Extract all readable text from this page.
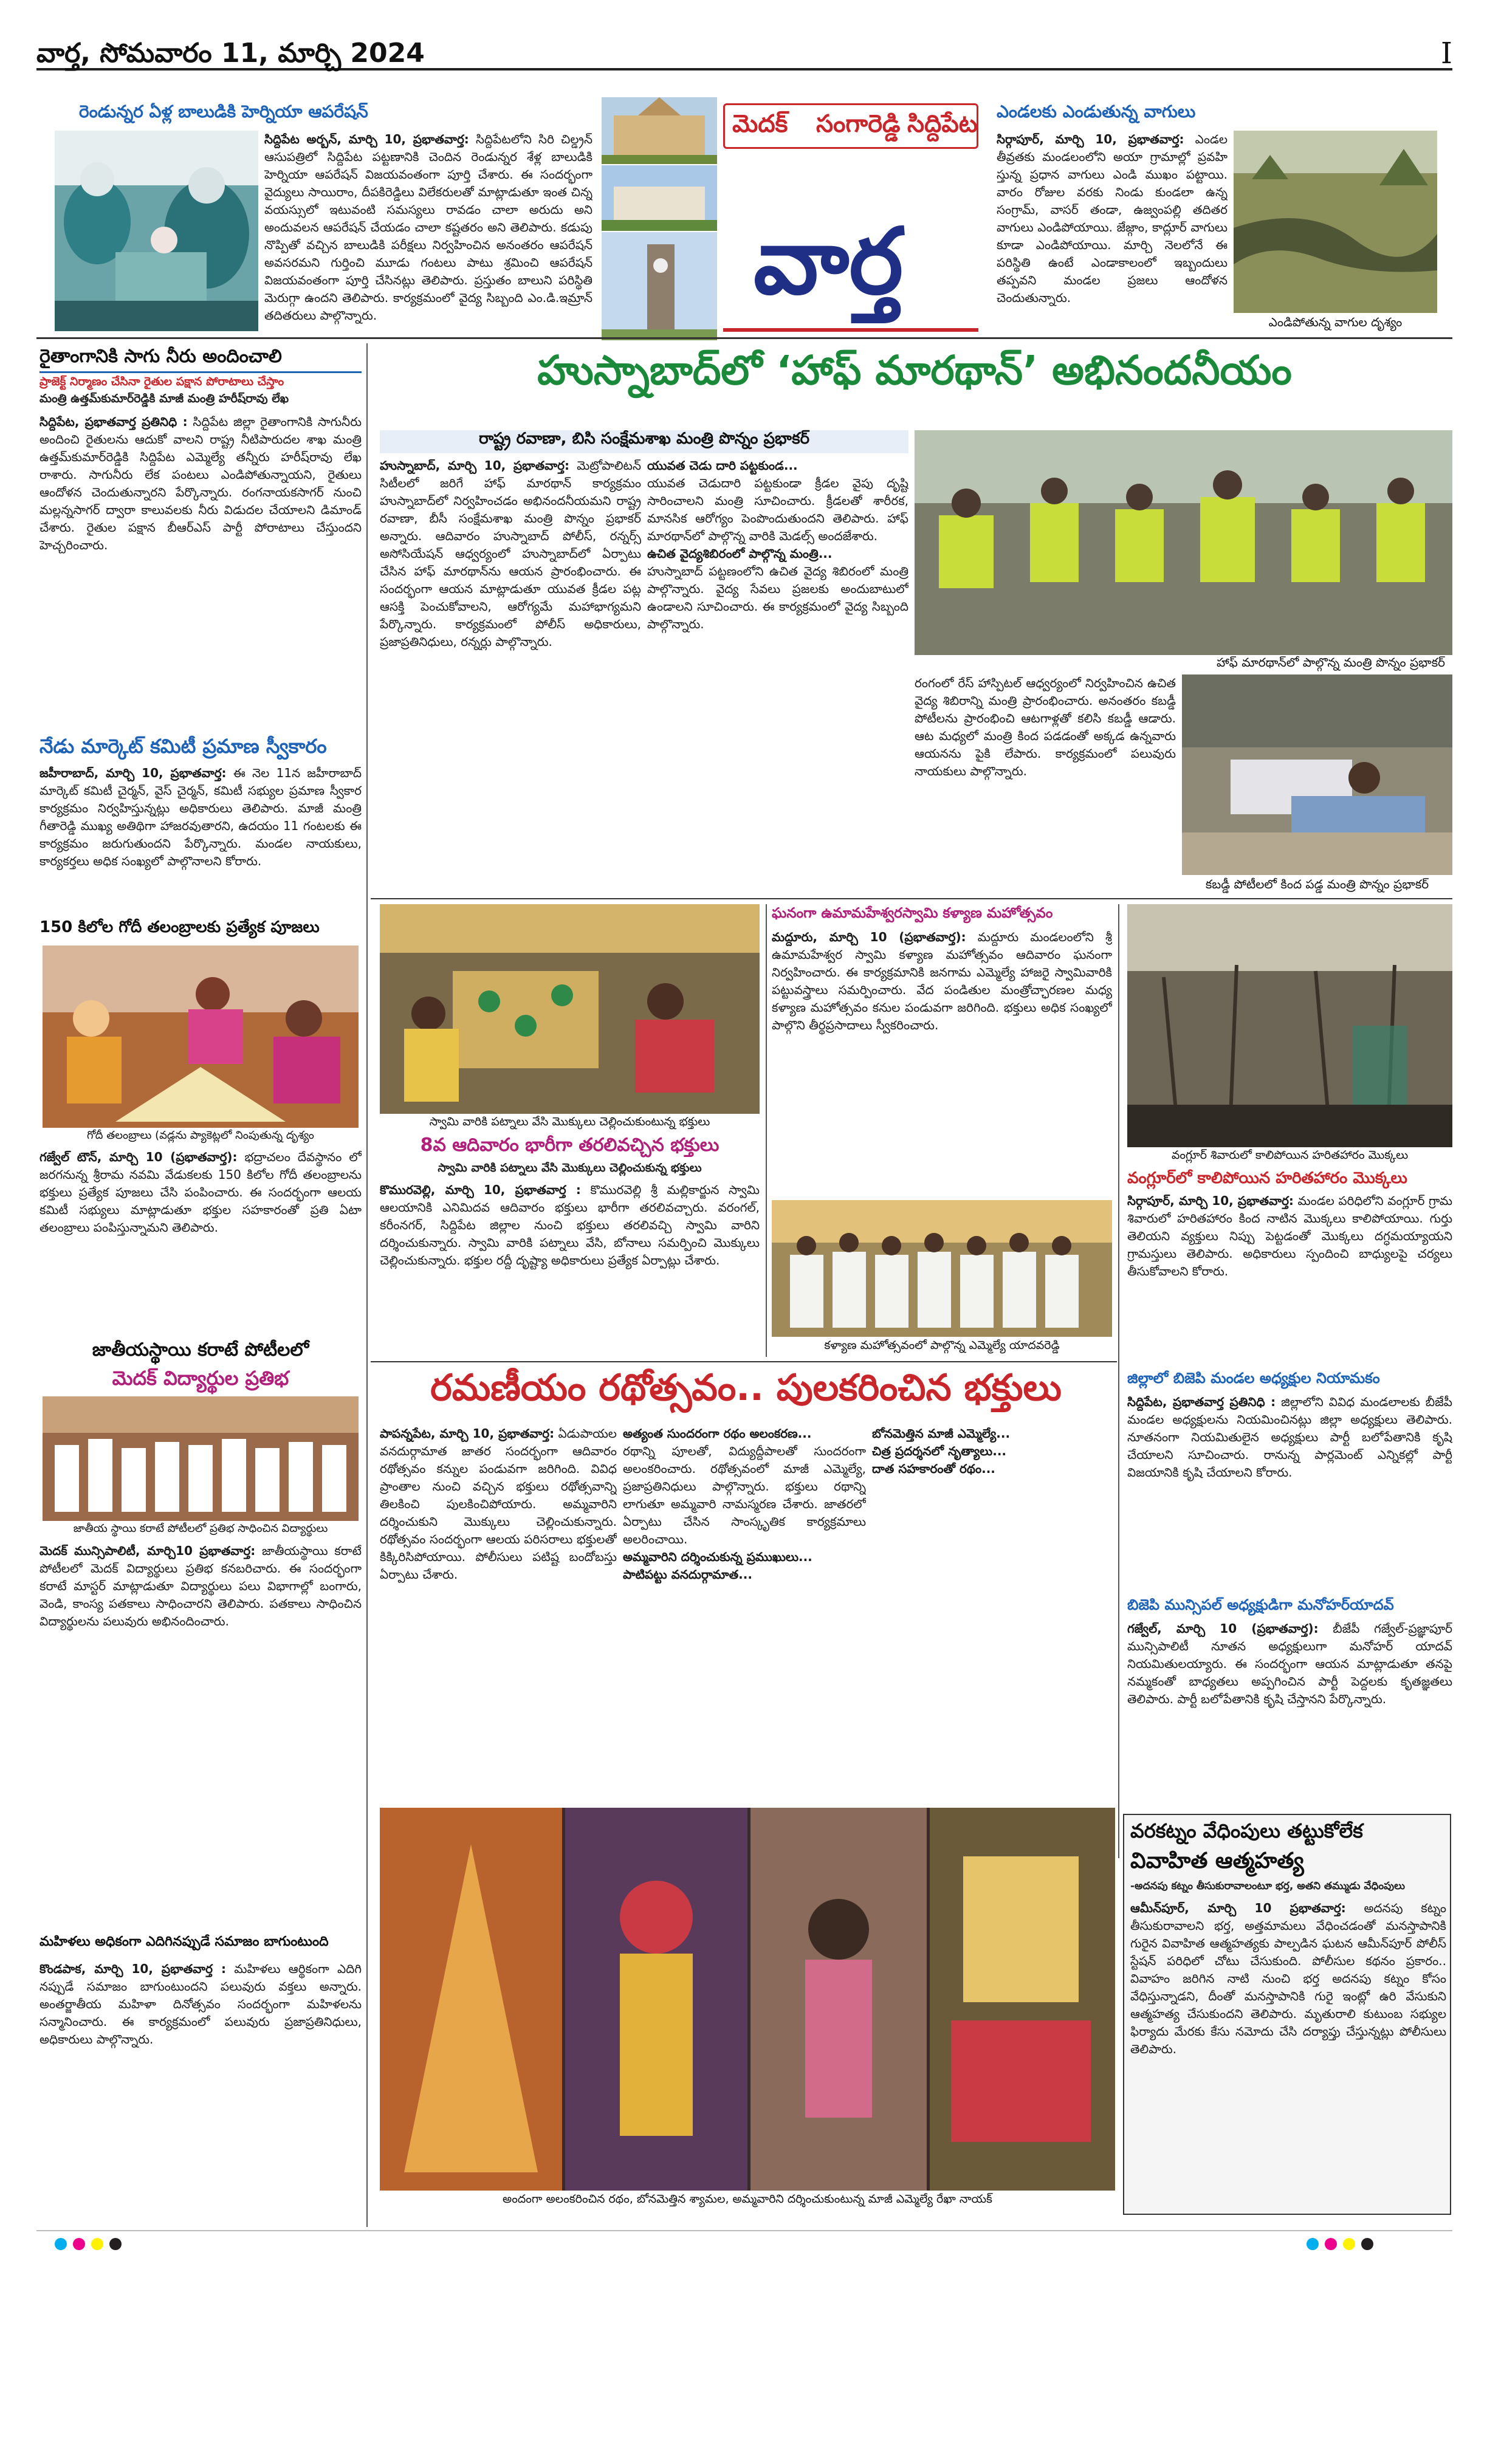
వార్త, సోమవారం 11, మార్చి 2024	I
రెండున్నర ఏళ్ల బాలుడికి హెర్నియా ఆపరేషన్
సిద్దిపేట అర్బన్, మార్చి 10, ప్రభాతవార్త: సిద్దిపేటలోని సిరి చిల్డ్రన్ ఆసుపత్రిలో సిద్దిపేట పట్టణానికి చెందిన రెండున్నర శేళ్ల బాలుడికి హెర్నియా ఆపరేషన్ విజయవంతంగా పూర్తి చేశారు. ఈ సందర్భంగా వైద్యులు సాయిరాం, దీపకిరెడ్డిలు విలేకరులతో మాట్లాడుతూ ఇంత చిన్న వయస్సులో ఇటువంటి సమస్యలు రావడం చాలా అరుదు అని అందువలన ఆపరేషన్ చేయడం చాలా కష్టతరం అని తెలిపారు. కడుపు నొప్పితో వచ్చిన బాలుడికి పరీక్షలు నిర్వహించిన అనంతరం ఆపరేషన్ అవసరమని గుర్తించి మూడు గంటలు పాటు శ్రమించి ఆపరేషన్ విజయవంతంగా పూర్తి చేసినట్లు తెలిపారు. ప్రస్తుతం బాలుని పరిస్థితి మెరుగ్గా ఉందని తెలిపారు. కార్యక్రమంలో వైద్య సిబ్బంది ఎం.డి.ఇమ్రాన్ తదితరులు పాల్గొన్నారు.
మెదక్ సంగారెడ్డి సిద్దిపేట
వార్త
ఎండలకు ఎండుతున్న వాగులు
సిర్గాపూర్, మార్చి 10, ప్రభాతవార్త: ఎండల తీవ్రతకు మండలంలోని అయా గ్రామాల్లో ప్రవహి స్తున్న ప్రధాన వాగులు ఎండి ముఖం పట్టాయి. వారం రోజుల వరకు నిండు కుండలా ఉన్న సంగ్రామ్, వాసర్ తండా, ఉజ్వంపల్లి తదితర వాగులు ఎండిపోయాయి. జేజ్గాం, కాద్లూర్ వాగులు కూడా ఎండిపోయాయి. మార్చి నెలలోనే ఈ పరిస్థితి ఉంటే ఎండాకాలంలో ఇబ్బందులు తప్పవని మండల ప్రజలు ఆందోళన చెందుతున్నారు.
ఎండిపోతున్న వాగుల దృశ్యం
రైతాంగానికి సాగు నీరు అందించాలి
ప్రాజెక్ట్ నిర్మాణం చేసినా రైతుల పక్షాన పోరాటాలు చేస్తాం
మంత్రి ఉత్తమ్‌కుమార్‌రెడ్డికి మాజీ మంత్రి హరీష్‌రావు లేఖ
సిద్దిపేట, ప్రభాతవార్త ప్రతినిధి : సిద్దిపేట జిల్లా రైతాంగానికి సాగునీరు అందించి రైతులను ఆదుకో వాలని రాష్ట్ర నీటిపారుదల శాఖ మంత్రి ఉత్తమ్‌కుమార్‌రెడ్డికి సిద్దిపేట ఎమ్మెల్యే తన్నీరు హరీష్‌రావు లేఖ రాశారు. సాగునీరు లేక పంటలు ఎండిపోతున్నాయని, రైతులు ఆందోళన చెందుతున్నారని పేర్కొన్నారు. రంగనాయకసాగర్ నుంచి మల్లన్నసాగర్ ద్వారా కాలువలకు నీరు విడుదల చేయాలని డిమాండ్ చేశారు. రైతుల పక్షాన బీఆర్ఎస్ పార్టీ పోరాటాలు చేస్తుందని హెచ్చరించారు.
నేడు మార్కెట్ కమిటీ ప్రమాణ స్వీకారం
జహీరాబాద్, మార్చి 10, ప్రభాతవార్త: ఈ నెల 11న జహీరాబాద్ మార్కెట్ కమిటీ చైర్మన్, వైస్ చైర్మన్, కమిటీ సభ్యుల ప్రమాణ స్వీకార కార్యక్రమం నిర్వహిస్తున్నట్లు అధికారులు తెలిపారు. మాజీ మంత్రి గీతారెడ్డి ముఖ్య అతిథిగా హాజరవుతారని, ఉదయం 11 గంటలకు ఈ కార్యక్రమం జరుగుతుందని పేర్కొన్నారు. మండల నాయకులు, కార్యకర్తలు అధిక సంఖ్యలో పాల్గొనాలని కోరారు.
150 కిలోల గోదీ తలంబ్రాలకు ప్రత్యేక పూజలు
గోదీ తలంబ్రాలు (వడ్లను ప్యాకెట్లలో నింపుతున్న దృశ్యం
గజ్వేల్ టౌన్, మార్చి 10 (ప్రభాతవార్త): భద్రాచలం దేవస్థానం లో జరగనున్న శ్రీరామ నవమి వేడుకలకు 150 కిలోల గోదీ తలంబ్రాలను భక్తులు ప్రత్యేక పూజలు చేసి పంపించారు. ఈ సందర్భంగా ఆలయ కమిటీ సభ్యులు మాట్లాడుతూ భక్తుల సహకారంతో ప్రతి ఏటా తలంబ్రాలు పంపిస్తున్నామని తెలిపారు.
జాతీయస్థాయి కరాటే పోటీలలో
మెదక్ విద్యార్థుల ప్రతిభ
జాతీయ స్థాయి కరాటే పోటీలలో ప్రతిభ సాధించిన విద్యార్థులు
మెదక్ మున్సిపాలిటీ, మార్చి10 ప్రభాతవార్త: జాతీయస్థాయి కరాటే పోటీలలో మెదక్ విద్యార్థులు ప్రతిభ కనబరిచారు. ఈ సందర్భంగా కరాటే మాస్టర్ మాట్లాడుతూ విద్యార్థులు పలు విభాగాల్లో బంగారు, వెండి, కాంస్య పతకాలు సాధించారని తెలిపారు. పతకాలు సాధించిన విద్యార్థులను పలువురు అభినందించారు.
మహిళలు అధికంగా ఎదిగినప్పుడే సమాజం బాగుంటుంది
కొండపాక, మార్చి 10, ప్రభాతవార్త : మహిళలు ఆర్థికంగా ఎదిగి నప్పుడే సమాజం బాగుంటుందని పలువురు వక్తలు అన్నారు. అంతర్జాతీయ మహిళా దినోత్సవం సందర్భంగా మహిళలను సన్మానించారు. ఈ కార్యక్రమంలో పలువురు ప్రజాప్రతినిధులు, అధికారులు పాల్గొన్నారు.
హుస్నాబాద్‌లో ‘హాఫ్ మారథాన్’ అభినందనీయం
రాష్ట్ర రవాణా, బిసి సంక్షేమశాఖ మంత్రి పొన్నం ప్రభాకర్
హుస్నాబాద్, మార్చి 10, ప్రభాతవార్త: మెట్రోపాలిటన్ సిటీలలో జరిగే హాఫ్ మారథాన్ కార్యక్రమం హుస్నాబాద్‌లో నిర్వహించడం అభినందనీయమని రాష్ట్ర రవాణా, బీసీ సంక్షేమశాఖ మంత్రి పొన్నం ప్రభాకర్ అన్నారు. ఆదివారం హుస్నాబాద్ పోలీస్, రన్నర్స్ అసోసియేషన్ ఆధ్వర్యంలో హుస్నాబాద్‌లో ఏర్పాటు చేసిన హాఫ్ మారథాన్‌ను ఆయన ప్రారంభించారు. ఈ సందర్భంగా ఆయన మాట్లాడుతూ యువత క్రీడల పట్ల ఆసక్తి పెంచుకోవాలని, ఆరోగ్యమే మహాభాగ్యమని పేర్కొన్నారు. కార్యక్రమంలో పోలీస్ అధికారులు, ప్రజాప్రతినిధులు, రన్నర్లు పాల్గొన్నారు.
యువత చెడు దారి పట్టకుండ...
యువత చెడుదారి పట్టకుండా క్రీడల వైపు దృష్టి సారించాలని మంత్రి సూచించారు. క్రీడలతో శారీరక, మానసిక ఆరోగ్యం పెంపొందుతుందని తెలిపారు. హాఫ్ మారథాన్‌లో పాల్గొన్న వారికి మెడల్స్ అందజేశారు.
ఉచిత వైద్యశిబిరంలో పాల్గొన్న మంత్రి...
హుస్నాబాద్ పట్టణంలోని ఉచిత వైద్య శిబిరంలో మంత్రి పాల్గొన్నారు. వైద్య సేవలు ప్రజలకు అందుబాటులో ఉండాలని సూచించారు. ఈ కార్యక్రమంలో వైద్య సిబ్బంది పాల్గొన్నారు.
హాఫ్ మారథాన్‌లో పాల్గొన్న మంత్రి పొన్నం ప్రభాకర్
రంగంలో రేస్ హాస్పిటల్ ఆధ్వర్యంలో నిర్వహించిన ఉచిత వైద్య శిబిరాన్ని మంత్రి ప్రారంభించారు. అనంతరం కబడ్డీ పోటీలను ప్రారంభించి ఆటగాళ్లతో కలిసి కబడ్డీ ఆడారు. ఆట మధ్యలో మంత్రి కింద పడడంతో అక్కడ ఉన్నవారు ఆయనను పైకి లేపారు. కార్యక్రమంలో పలువురు నాయకులు పాల్గొన్నారు.
కబడ్డీ పోటీలలో కింద పడ్డ మంత్రి పొన్నం ప్రభాకర్
స్వామి వారికి పట్నాలు వేసి మొక్కులు చెల్లించుకుంటున్న భక్తులు
8వ ఆదివారం భారీగా తరలివచ్చిన భక్తులు
స్వామి వారికి పట్నాలు వేసి మొక్కులు చెల్లించుకున్న భక్తులు
కొమురవెల్లి, మార్చి 10, ప్రభాతవార్త : కొమురవెల్లి శ్రీ మల్లికార్జున స్వామి ఆలయానికి ఎనిమిదవ ఆదివారం భక్తులు భారీగా తరలివచ్చారు. వరంగల్, కరీంనగర్, సిద్దిపేట జిల్లాల నుంచి భక్తులు తరలివచ్చి స్వామి వారిని దర్శించుకున్నారు. స్వామి వారికి పట్నాలు వేసి, బోనాలు సమర్పించి మొక్కులు చెల్లించుకున్నారు. భక్తుల రద్దీ దృష్ట్యా అధికారులు ప్రత్యేక ఏర్పాట్లు చేశారు.
ఘనంగా ఉమామహేశ్వరస్వామి కళ్యాణ మహోత్సవం
మద్దూరు, మార్చి 10 (ప్రభాతవార్త): మద్దూరు మండలంలోని శ్రీ ఉమామహేశ్వర స్వామి కళ్యాణ మహోత్సవం ఆదివారం ఘనంగా నిర్వహించారు. ఈ కార్యక్రమానికి జనగామ ఎమ్మెల్యే హాజరై స్వామివారికి పట్టువస్త్రాలు సమర్పించారు. వేద పండితుల మంత్రోచ్ఛారణల మధ్య కళ్యాణ మహోత్సవం కనుల పండువగా జరిగింది. భక్తులు అధిక సంఖ్యలో పాల్గొని తీర్థప్రసాదాలు స్వీకరించారు.
కళ్యాణ మహోత్సవంలో పాల్గొన్న ఎమ్మెల్యే యాదవరెడ్డి
వంగ్లూర్ శివారులో కాలిపోయిన హరితహారం మొక్కలు
వంగ్లూర్‌లో కాలిపోయిన హరితహారం మొక్కలు
సిర్గాపూర్, మార్చి 10, ప్రభాతవార్త: మండల పరిధిలోని వంగ్లూర్ గ్రామ శివారులో హరితహారం కింద నాటిన మొక్కలు కాలిపోయాయి. గుర్తు తెలియని వ్యక్తులు నిప్పు పెట్టడంతో మొక్కలు దగ్ధమయ్యాయని గ్రామస్తులు తెలిపారు. అధికారులు స్పందించి బాధ్యులపై చర్యలు తీసుకోవాలని కోరారు.
జిల్లాలో బిజెపి మండల అధ్యక్షుల నియామకం
సిద్దిపేట, ప్రభాతవార్త ప్రతినిధి : జిల్లాలోని వివిధ మండలాలకు బీజేపీ మండల అధ్యక్షులను నియమించినట్లు జిల్లా అధ్యక్షులు తెలిపారు. నూతనంగా నియమితులైన అధ్యక్షులు పార్టీ బలోపేతానికి కృషి చేయాలని సూచించారు. రానున్న పార్లమెంట్ ఎన్నికల్లో పార్టీ విజయానికి కృషి చేయాలని కోరారు.
బిజెపి మున్సిపల్ అధ్యక్షుడిగా మనోహర్‌యాదవ్
గజ్వేల్, మార్చి 10 (ప్రభాతవార్త): బీజేపీ గజ్వేల్-ప్రజ్ఞాపూర్ మున్సిపాలిటీ నూతన అధ్యక్షులుగా మనోహర్ యాదవ్ నియమితులయ్యారు. ఈ సందర్భంగా ఆయన మాట్లాడుతూ తనపై నమ్మకంతో బాధ్యతలు అప్పగించిన పార్టీ పెద్దలకు కృతజ్ఞతలు తెలిపారు. పార్టీ బలోపేతానికి కృషి చేస్తానని పేర్కొన్నారు.
రమణీయం రథోత్సవం.. పులకరించిన భక్తులు
పాపన్నపేట, మార్చి 10, ప్రభాతవార్త: ఏడుపాయల వనదుర్గామాత జాతర సందర్భంగా ఆదివారం రథోత్సవం కన్నుల పండువగా జరిగింది. వివిధ ప్రాంతాల నుంచి వచ్చిన భక్తులు రథోత్సవాన్ని తిలకించి పులకించిపోయారు. అమ్మవారిని దర్శించుకుని మొక్కులు చెల్లించుకున్నారు. రథోత్సవం సందర్భంగా ఆలయ పరిసరాలు భక్తులతో కిక్కిరిసిపోయాయి. పోలీసులు పటిష్ట బందోబస్తు ఏర్పాటు చేశారు.
అత్యంత సుందరంగా రథం అలంకరణ...
రథాన్ని పూలతో, విద్యుద్దీపాలతో సుందరంగా అలంకరించారు. రథోత్సవంలో మాజీ ఎమ్మెల్యే, ప్రజాప్రతినిధులు పాల్గొన్నారు. భక్తులు రథాన్ని లాగుతూ అమ్మవారి నామస్మరణ చేశారు. జాతరలో ఏర్పాటు చేసిన సాంస్కృతిక కార్యక్రమాలు అలరించాయి.
అమ్మవారిని దర్శించుకున్న ప్రముఖులు...
పాటిపట్టు వనదుర్గామాత...
బోనమెత్తిన మాజీ ఎమ్మెల్యే...
చిత్ర ప్రదర్శనలో నృత్యాలు...
దాత సహకారంతో రథం...
అందంగా అలంకరించిన రథం, బోనమెత్తిన శ్యామల, అమ్మవారిని దర్శించుకుంటున్న మాజీ ఎమ్మెల్యే రేఖా నాయక్
వరకట్నం వేధింపులు తట్టుకోలేక
వివాహిత ఆత్మహత్య
-అదనపు కట్నం తీసుకురావాలంటూ భర్త, అతని తమ్ముడు వేధింపులు
ఆమీన్‌పూర్, మార్చి 10 ప్రభాతవార్త: అదనపు కట్నం తీసుకురావాలని భర్త, అత్తమామలు వేధించడంతో మనస్తాపానికి గురైన వివాహిత ఆత్మహత్యకు పాల్పడిన ఘటన ఆమీన్‌పూర్ పోలీస్ స్టేషన్ పరిధిలో చోటు చేసుకుంది. పోలీసుల కథనం ప్రకారం.. వివాహం జరిగిన నాటి నుంచి భర్త అదనపు కట్నం కోసం వేధిస్తున్నాడని, దీంతో మనస్తాపానికి గురై ఇంట్లో ఉరి వేసుకుని ఆత్మహత్య చేసుకుందని తెలిపారు. మృతురాలి కుటుంబ సభ్యుల ఫిర్యాదు మేరకు కేసు నమోదు చేసి దర్యాప్తు చేస్తున్నట్లు పోలీసులు తెలిపారు.
